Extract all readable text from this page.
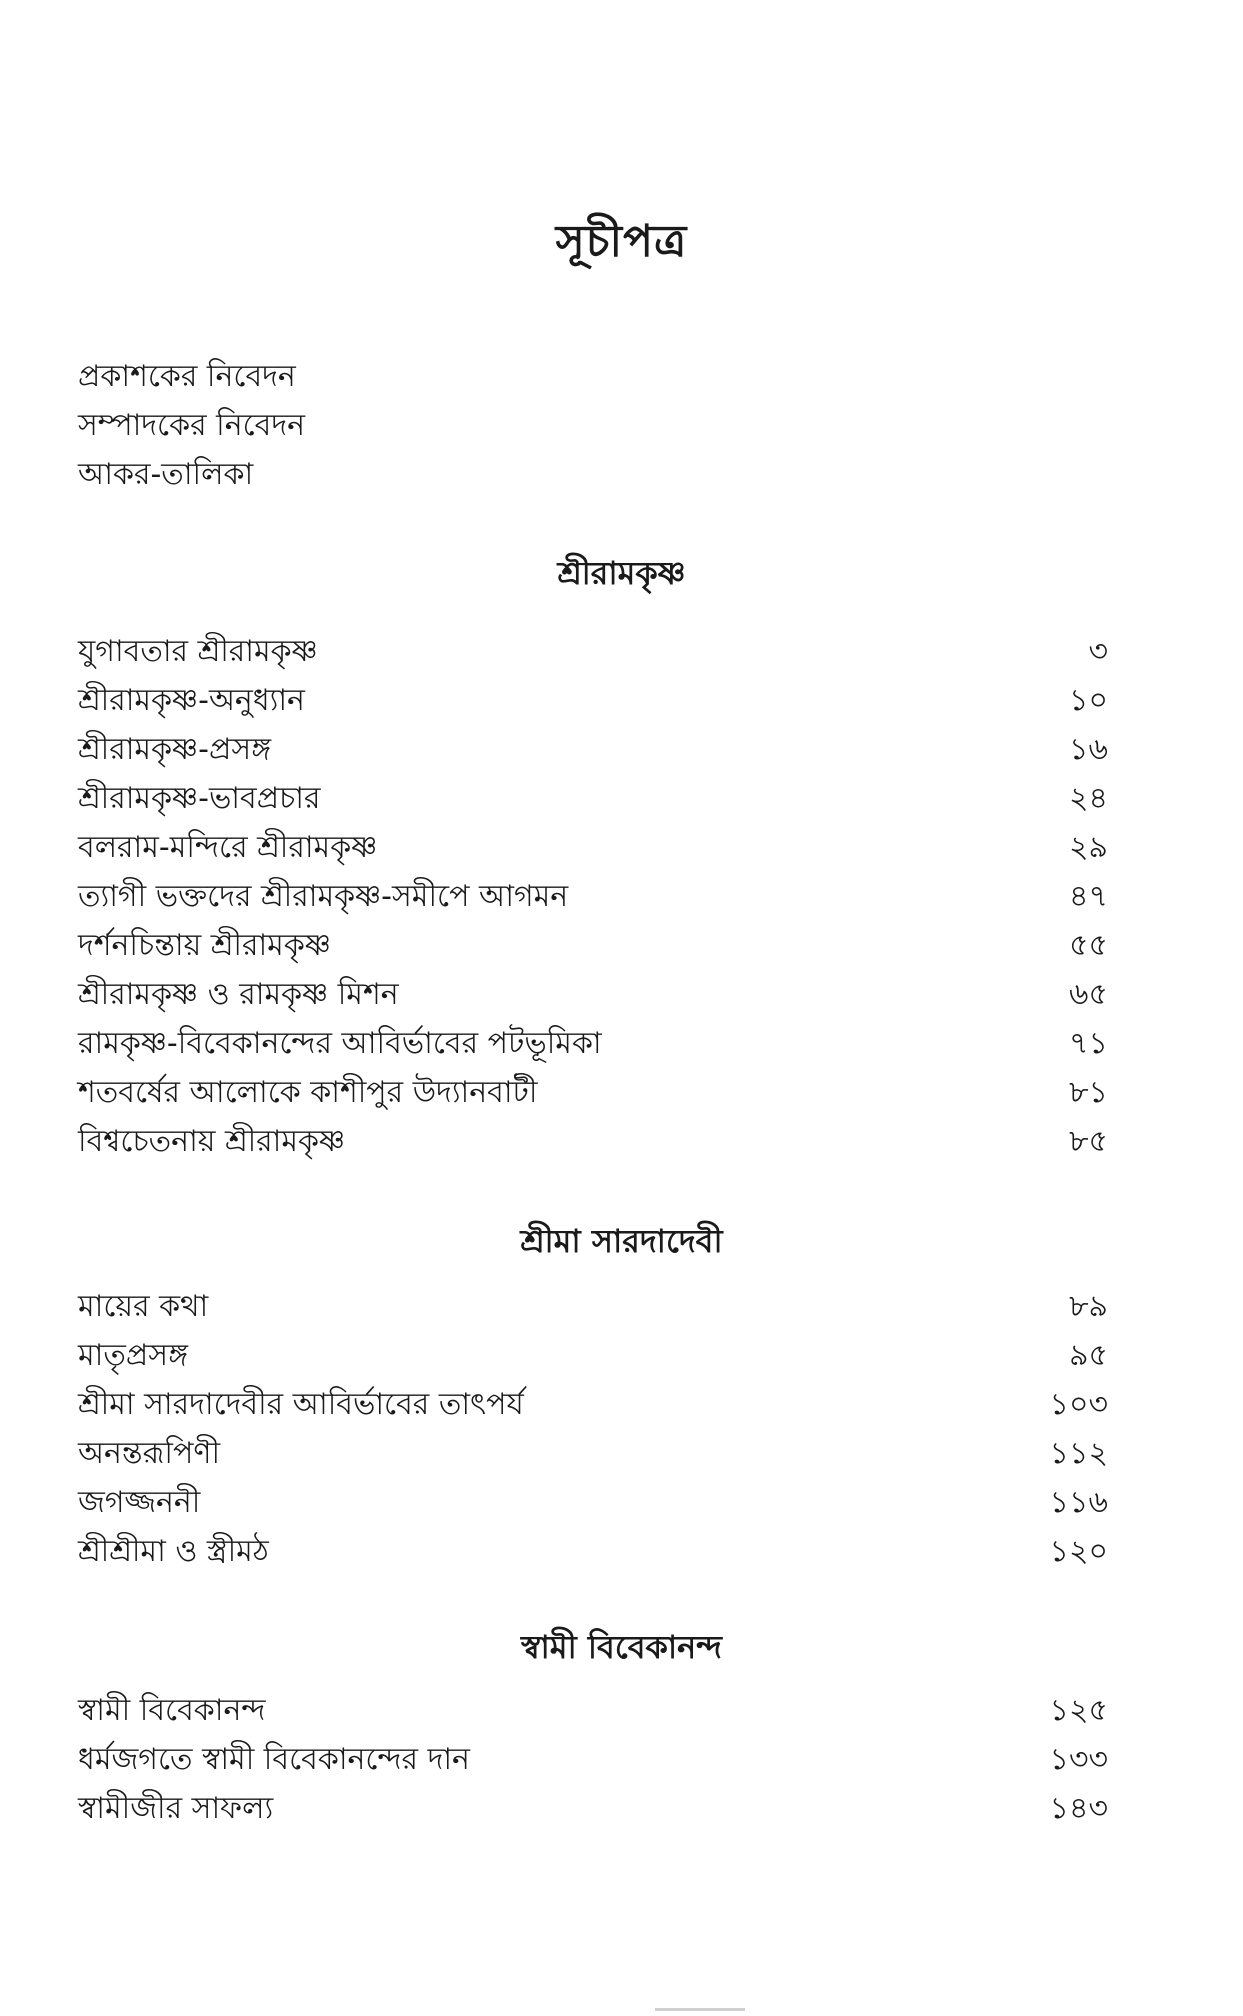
সূচীপত্র
প্রকাশকের নিবেদন
সম্পাদকের নিবেদন
আকর-তালিকা
শ্রীরামকৃষ্ণ
যুগাবতার শ্রীরামকৃষ্ণ	৩
শ্রীরামকৃষ্ণ-অনুধ্যান	১০
শ্রীরামকৃষ্ণ-প্রসঙ্গ	১৬
শ্রীরামকৃষ্ণ-ভাবপ্রচার	২৪
বলরাম-মন্দিরে শ্রীরামকৃষ্ণ	২৯
ত্যাগী ভক্তদের শ্রীরামকৃষ্ণ-সমীপে আগমন	৪৭
দর্শনচিন্তায় শ্রীরামকৃষ্ণ	৫৫
শ্রীরামকৃষ্ণ ও রামকৃষ্ণ মিশন	৬৫
রামকৃষ্ণ-বিবেকানন্দের আবির্ভাবের পটভূমিকা	৭১
শতবর্ষের আলোকে কাশীপুর উদ্যানবাটী	৮১
বিশ্বচেতনায় শ্রীরামকৃষ্ণ	৮৫
শ্রীমা সারদাদেবী
মায়ের কথা	৮৯
মাতৃপ্রসঙ্গ	৯৫
শ্রীমা সারদাদেবীর আবির্ভাবের তাৎপর্য	১০৩
অনন্তরূপিণী	১১২
জগজ্জননী	১১৬
শ্রীশ্রীমা ও স্ত্রীমঠ	১২০
স্বামী বিবেকানন্দ
স্বামী বিবেকানন্দ	১২৫
ধর্মজগতে স্বামী বিবেকানন্দের দান	১৩৩
স্বামীজীর সাফল্য	১৪৩
